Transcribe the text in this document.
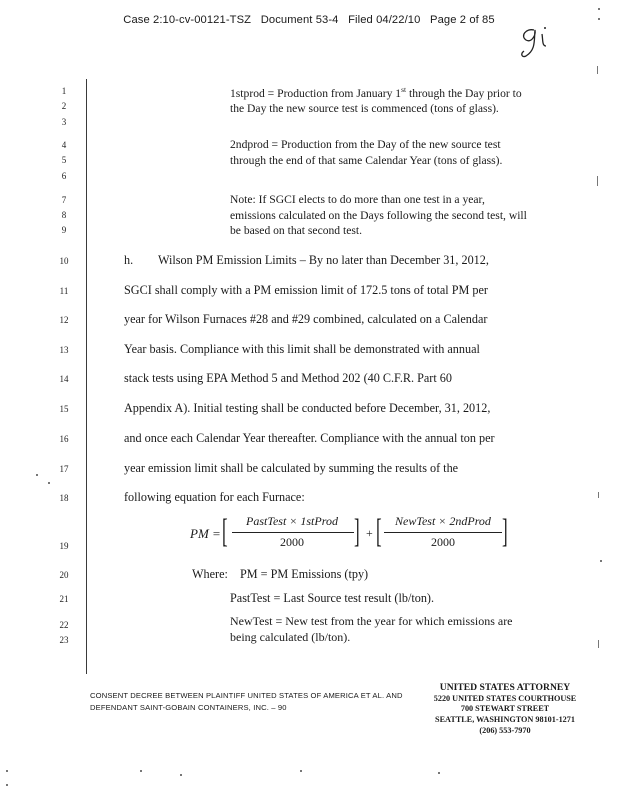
Case 2:10-cv-00121-TSZ   Document 53-4   Filed 04/22/10   Page 2 of 85
1
2
3
4
5
6
7
8
9
10
11
12
13
14
15
16
17
18
19
20
21
22
23
1stprod = Production from January 1st through the Day prior to the Day the new source test is commenced (tons of glass).
2ndprod = Production from the Day of the new source test through the end of that same Calendar Year (tons of glass).
Note: If SGCI elects to do more than one test in a year, emissions calculated on the Days following the second test, will be based on that second test.
h. Wilson PM Emission Limits – By no later than December 31, 2012,
SGCI shall comply with a PM emission limit of 172.5 tons of total PM per
year for Wilson Furnaces #28 and #29 combined, calculated on a Calendar
Year basis. Compliance with this limit shall be demonstrated with annual
stack tests using EPA Method 5 and Method 202 (40 C.F.R. Part 60
Appendix A). Initial testing shall be conducted before December, 31, 2012,
and once each Calendar Year thereafter. Compliance with the annual ton per
year emission limit shall be calculated by summing the results of the
following equation for each Furnace:
PM = [	PastTest × 1stProd
2000	] + [	NewTest × 2ndProd
2000	]
Where: PM = PM Emissions (tpy)
PastTest = Last Source test result (lb/ton).
NewTest = New test from the year for which emissions are being calculated (lb/ton).
CONSENT DECREE BETWEEN PLAINTIFF UNITED STATES OF AMERICA ET AL. AND DEFENDANT SAINT-GOBAIN CONTAINERS, INC. – 90
UNITED STATES ATTORNEY
5220 UNITED STATES COURTHOUSE
700 STEWART STREET
SEATTLE, WASHINGTON 98101-1271
(206) 553-7970
